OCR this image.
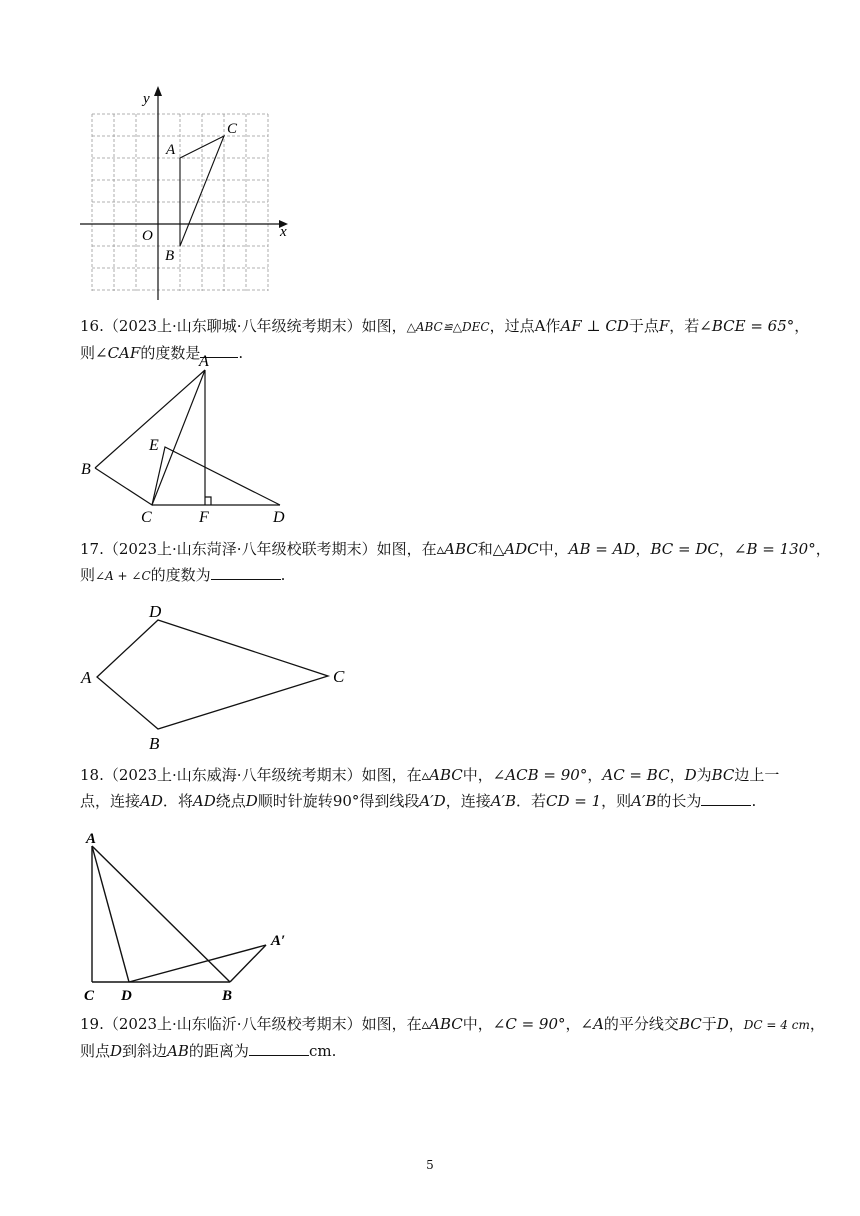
y
x
O
A
B
C
16.（2023上·山东聊城·八年级统考期末）如图，△ABC≌△DEC，过点A作AF ⊥ CD于点F，若∠BCE = 65°，
则∠CAF的度数是	.
A
B
C	D
E
F
17.（2023上·山东菏泽·八年级校联考期末）如图，在▵ABC和△ADC中，AB = AD，BC = DC，∠B = 130°，
则∠A + ∠C的度数为	.
A
B
C
D
18.（2023上·山东威海·八年级统考期末）如图，在▵ABC中，∠ACB = 90°，AC = BC，D为BC边上一
点，连接AD．将AD绕点D顺时针旋转90°得到线段A′D，连接A′B．若CD = 1，则A′B的长为	.
A
A′
C D	B
19.（2023上·山东临沂·八年级校考期末）如图，在▵ABC中，∠C = 90°，∠A的平分线交BC于D，DC = 4 cm，
则点D到斜边AB的距离为	cm.
5
